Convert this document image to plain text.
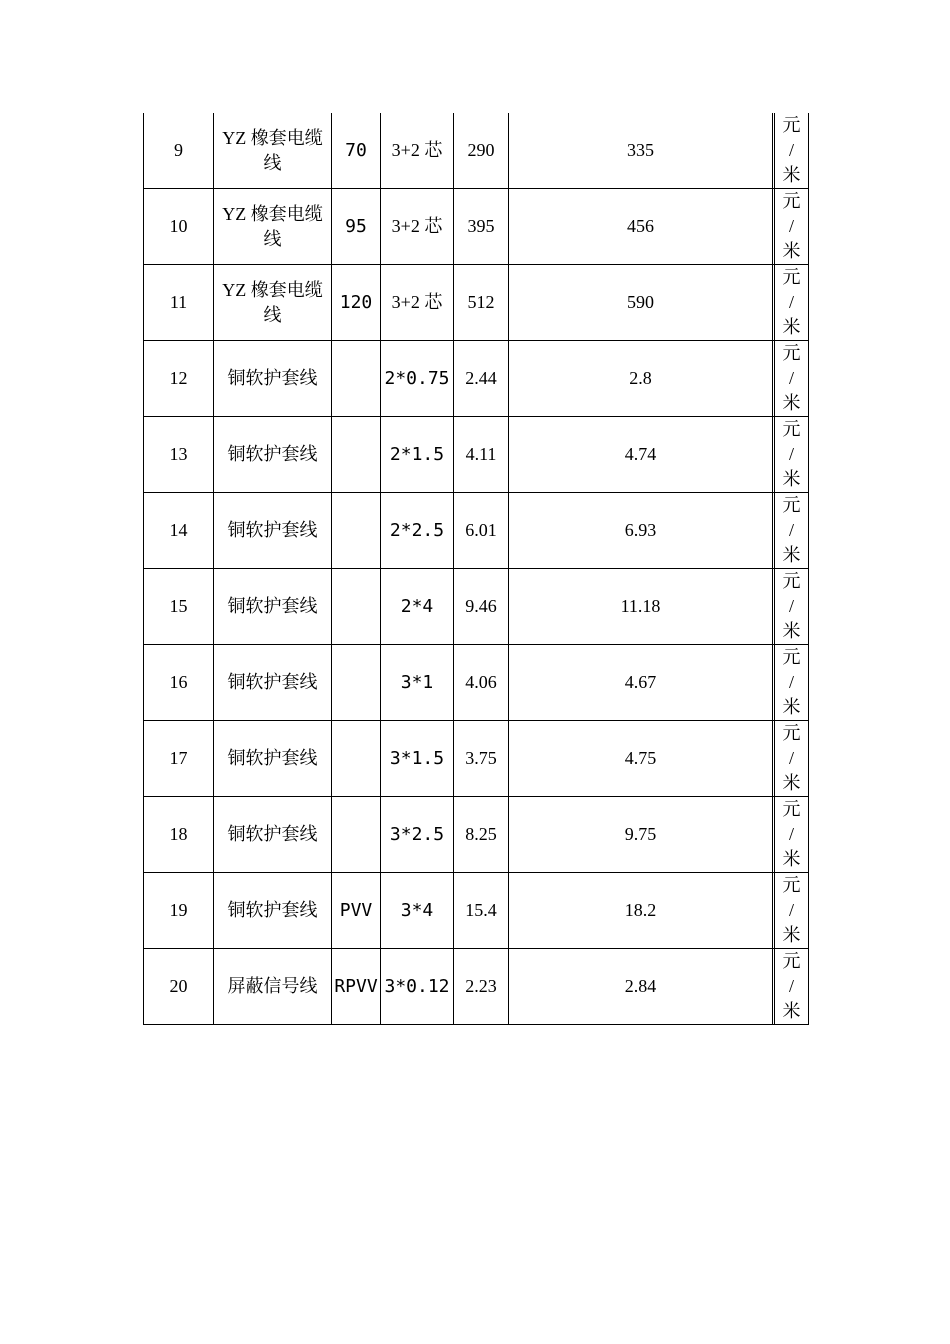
9	YZ 橡套电缆线	70	3+2 芯	290	335		元
/
米

10	YZ 橡套电缆线	95	3+2 芯	395	456		元
/
米

11	YZ 橡套电缆线	120	3+2 芯	512	590		元
/
米

12	铜软护套线		2*0.75	2.44	2.8		元
/
米

13	铜软护套线		2*1.5	4.11	4.74		元
/
米

14	铜软护套线		2*2.5	6.01	6.93		元
/
米

15	铜软护套线		2*4	9.46	11.18		元
/
米

16	铜软护套线		3*1	4.06	4.67		元
/
米

17	铜软护套线		3*1.5	3.75	4.75		元
/
米

18	铜软护套线		3*2.5	8.25	9.75		元
/
米

19	铜软护套线	PVV	3*4	15.4	18.2		元
/
米

20	屏蔽信号线	RPVV	3*0.12	2.23	2.84		元
/
米
